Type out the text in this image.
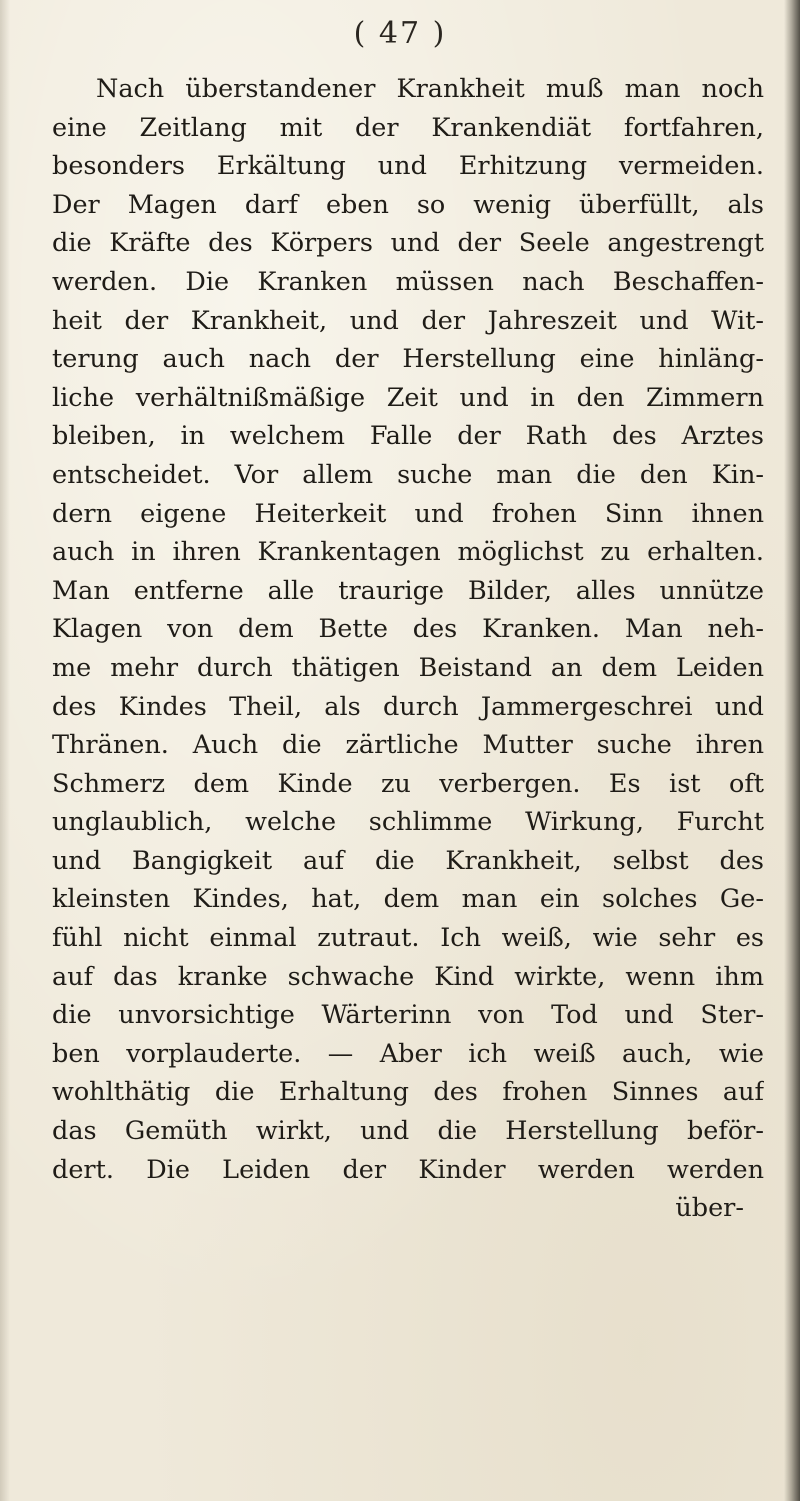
( 47 )
Nach überstandener Krankheit muß man noch
eine Zeitlang mit der Krankendiät fortfahren,
besonders Erkältung und Erhitzung vermeiden.
Der Magen darf eben so wenig überfüllt, als
die Kräfte des Körpers und der Seele angestrengt
werden. Die Kranken müssen nach Beschaffen-
heit der Krankheit, und der Jahreszeit und Wit-
terung auch nach der Herstellung eine hinläng-
liche verhältnißmäßige Zeit und in den Zimmern
bleiben, in welchem Falle der Rath des Arztes
entscheidet. Vor allem suche man die den Kin-
dern eigene Heiterkeit und frohen Sinn ihnen
auch in ihren Krankentagen möglichst zu erhalten.
Man entferne alle traurige Bilder, alles unnütze
Klagen von dem Bette des Kranken. Man neh-
me mehr durch thätigen Beistand an dem Leiden
des Kindes Theil, als durch Jammergeschrei und
Thränen. Auch die zärtliche Mutter suche ihren
Schmerz dem Kinde zu verbergen. Es ist oft
unglaublich, welche schlimme Wirkung, Furcht
und Bangigkeit auf die Krankheit, selbst des
kleinsten Kindes, hat, dem man ein solches Ge-
fühl nicht einmal zutraut. Ich weiß, wie sehr es
auf das kranke schwache Kind wirkte, wenn ihm
die unvorsichtige Wärterinn von Tod und Ster-
ben vorplauderte. — Aber ich weiß auch, wie
wohlthätig die Erhaltung des frohen Sinnes auf
das Gemüth wirkt, und die Herstellung beför-
dert. Die Leiden der Kinder werden werden
über-
